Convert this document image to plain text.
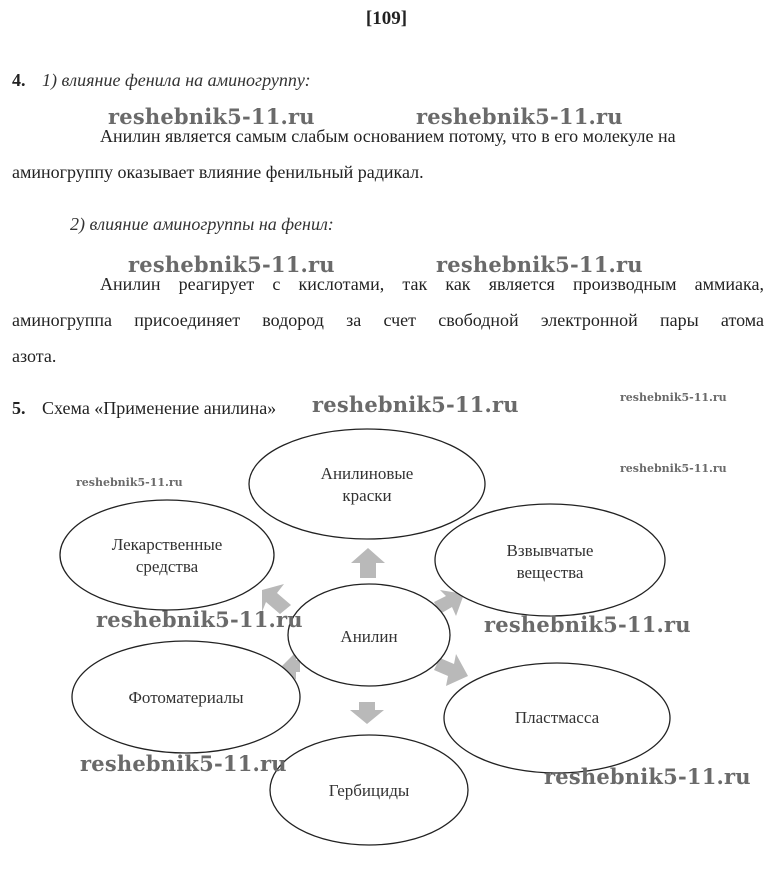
[109]
4. 1) влияние фенила на аминогруппу:
reshebnik5-11.ru	reshebnik5-11.ru
Анилин является самым слабым основанием потому, что в его молекуле на
аминогруппу оказывает влияние фенильный радикал.
2) влияние аминогруппы на фенил:
reshebnik5-11.ru	reshebnik5-11.ru
Анилин реагирует с кислотами, так как является производным аммиака,
аминогруппа присоединяет водород за счет свободной электронной пары атома
азота.
5. Схема «Применение анилина» reshebnik5-11.ru	reshebnik5-11.ru
reshebnik5-11.ru
reshebnik5-11.ru	Анилиновые
краски
Лекарственные
средства
Взвывчатые
вещества
Фотоматериалы
Пластмасса
Гербициды
Анилин
reshebnik5-11.ru	reshebnik5-11.ru
reshebnik5-11.ru
reshebnik5-11.ru
